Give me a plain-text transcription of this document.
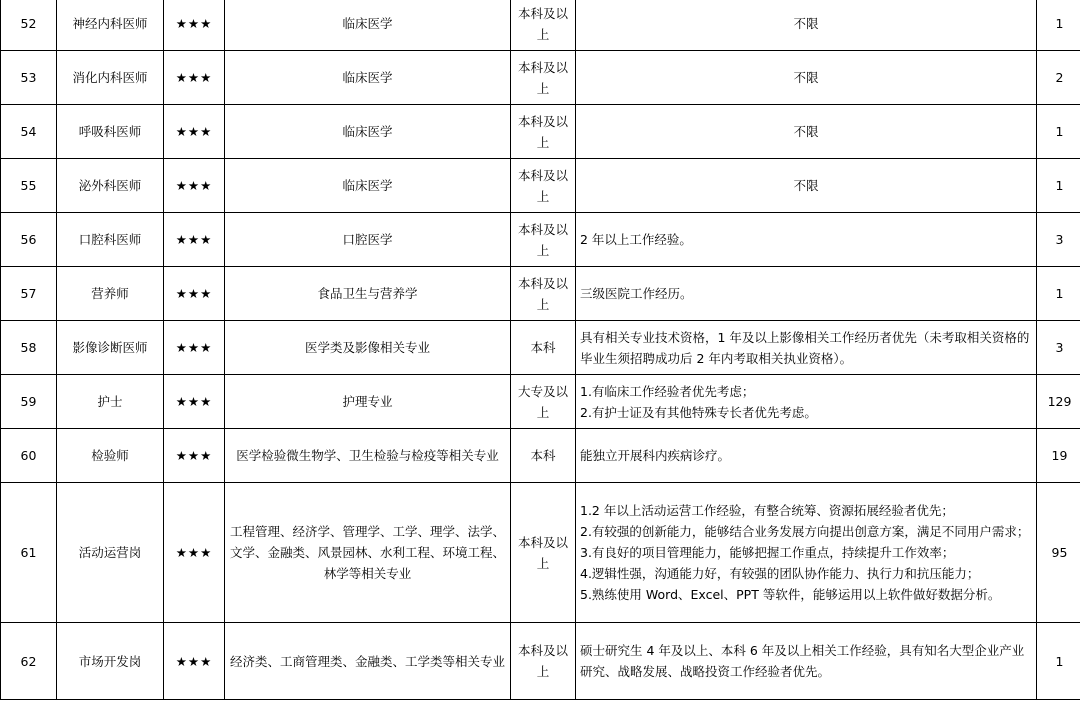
52	神经内科医师	★★★	临床医学	本科及以上	不限	1	
53	消化内科医师	★★★	临床医学	本科及以上	不限	2	
54	呼吸科医师	★★★	临床医学	本科及以上	不限	1	
55	泌外科医师	★★★	临床医学	本科及以上	不限	1	
56	口腔科医师	★★★	口腔医学	本科及以上	2 年以上工作经验。	3	
57	营养师	★★★	食品卫生与营养学	本科及以上	三级医院工作经历。	1	
58	影像诊断医师	★★★	医学类及影像相关专业	本科	具有相关专业技术资格，1 年及以上影像相关工作经历者优先（未考取相关资格的毕业生须招聘成功后 2 年内考取相关执业资格）。	3	
59	护士	★★★	护理专业	大专及以上	1.有临床工作经验者优先考虑；
2.有护士证及有其他特殊专长者优先考虑。	129	
60	检验师	★★★	医学检验微生物学、卫生检验与检疫等相关专业	本科	能独立开展科内疾病诊疗。	19	
61	活动运营岗	★★★	工程管理、经济学、管理学、工学、理学、法学、文学、金融类、风景园林、水利工程、环境工程、林学等相关专业	本科及以上	1.2 年以上活动运营工作经验，有整合统筹、资源拓展经验者优先；
2.有较强的创新能力，能够结合业务发展方向提出创意方案，满足不同用户需求；
3.有良好的项目管理能力，能够把握工作重点，持续提升工作效率；
4.逻辑性强，沟通能力好，有较强的团队协作能力、执行力和抗压能力；
5.熟练使用 Word、Excel、PPT 等软件，能够运用以上软件做好数据分析。	95	
62	市场开发岗	★★★	经济类、工商管理类、金融类、工学类等相关专业	本科及以上	硕士研究生 4 年及以上、本科 6 年及以上相关工作经验，具有知名大型企业产业研究、战略发展、战略投资工作经验者优先。	1	
